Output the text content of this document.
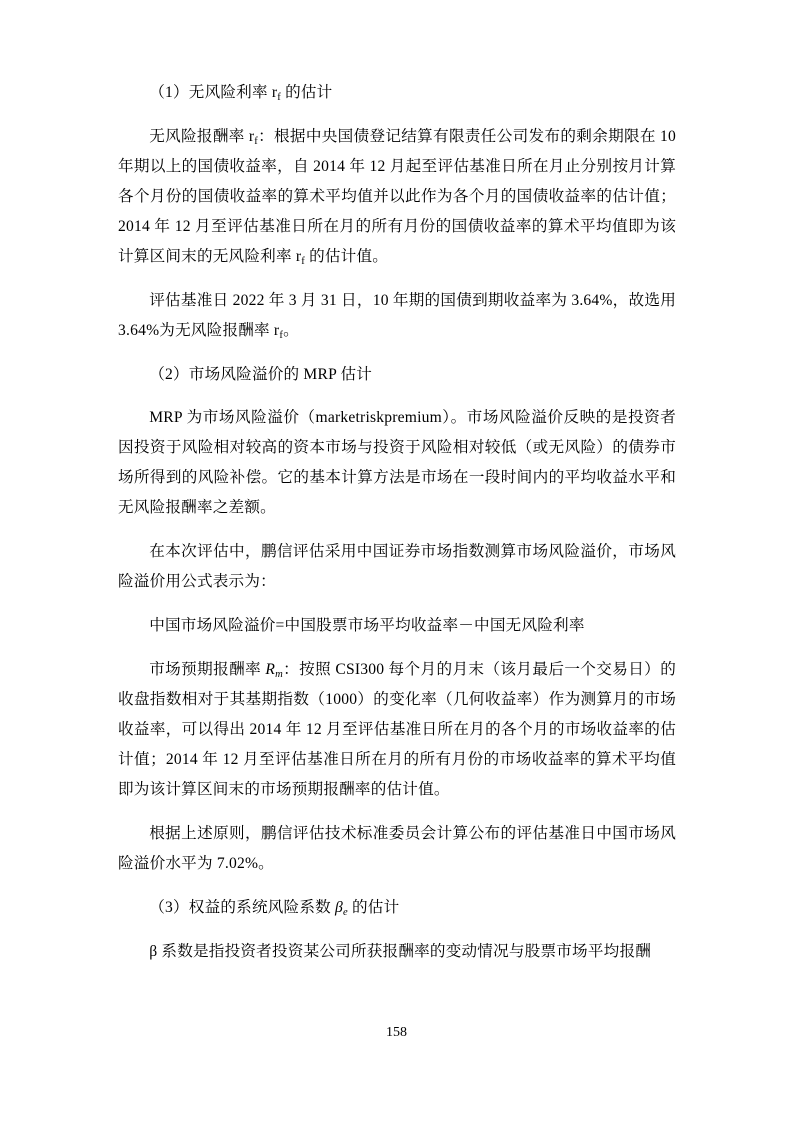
（1）无风险利率 $r_f$ 的估计

无风险报酬率 $r_f$：根据中央国债登记结算有限责任公司发布的剩余期限在 10 年期以上的国债收益率，自 2014 年 12 月起至评估基准日所在月止分别按月计算各个月份的国债收益率的算术平均值并以此作为各个月的国债收益率的估计值；2014 年 12 月至评估基准日所在月的所有月份的国债收益率的算术平均值即为该计算区间末的无风险利率 $r_f$ 的估计值。

评估基准日 2022 年 3 月 31 日，10 年期的国债到期收益率为 3.64%，故选用 3.64%为无风险报酬率 $r_f$。

（2）市场风险溢价的 MRP 估计

MRP 为市场风险溢价（marketriskpremium）。市场风险溢价反映的是投资者因投资于风险相对较高的资本市场与投资于风险相对较低（或无风险）的债券市场所得到的风险补偿。它的基本计算方法是市场在一段时间内的平均收益水平和无风险报酬率之差额。

在本次评估中，鹏信评估采用中国证券市场指数测算市场风险溢价，市场风险溢价用公式表示为：

中国市场风险溢价=中国股票市场平均收益率－中国无风险利率

市场预期报酬率 $R_m$：按照 CSI300 每个月的月末（该月最后一个交易日）的收盘指数相对于其基期指数（1000）的变化率（几何收益率）作为测算月的市场收益率，可以得出 2014 年 12 月至评估基准日所在月的各个月的市场收益率的估计值；2014 年 12 月至评估基准日所在月的所有月份的市场收益率的算术平均值即为该计算区间末的市场预期报酬率的估计值。

根据上述原则，鹏信评估技术标准委员会计算公布的评估基准日中国市场风险溢价水平为 7.02%。

（3）权益的系统风险系数 $\beta_e$ 的估计

β 系数是指投资者投资某公司所获报酬率的变动情况与股票市场平均报酬

158
